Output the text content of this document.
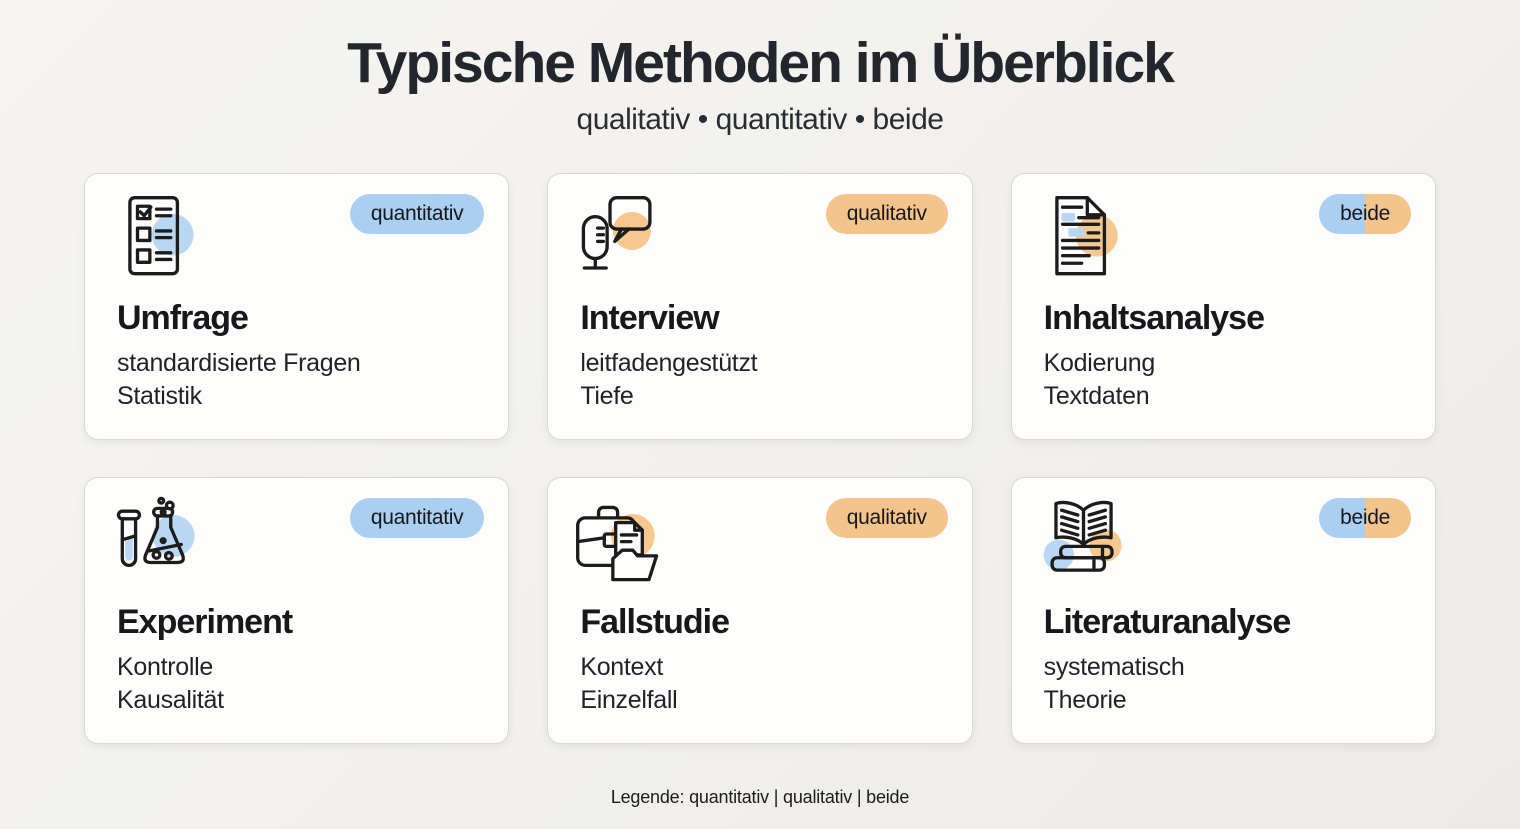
Typische Methoden im Überblick
qualitativ • quantitativ • beide
quantitativ
Umfrage
standardisierte Fragen
Statistik
qualitativ
Interview
leitfadengestützt
Tiefe
beide
Inhaltsanalyse
Kodierung
Textdaten
quantitativ
Experiment
Kontrolle
Kausalität
qualitativ
Fallstudie
Kontext
Einzelfall
beide
Literaturanalyse
systematisch
Theorie
Legende: quantitativ | qualitativ | beide
